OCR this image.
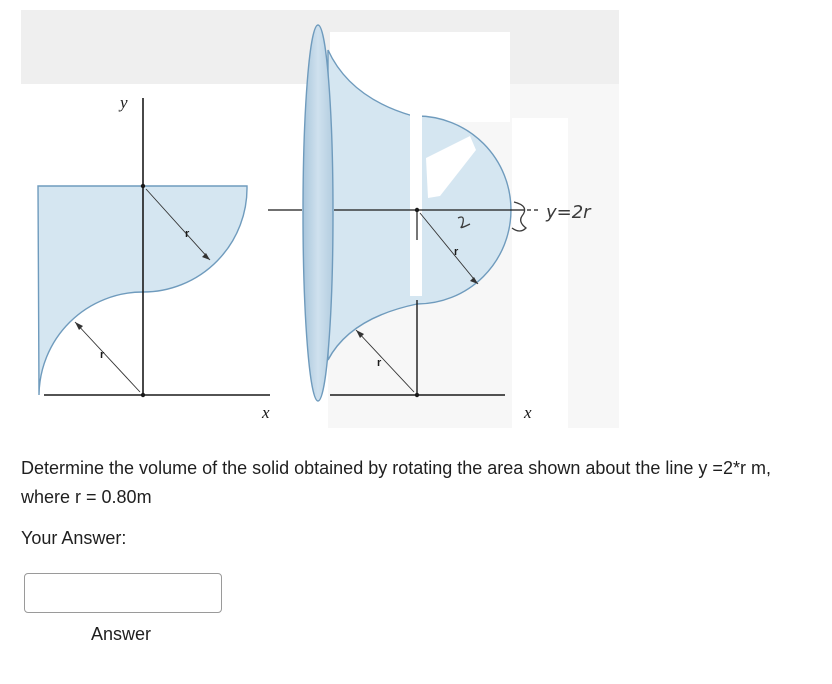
y
x
r
r
x
r
r
y=2r
Determine the volume of the solid obtained by rotating the area shown about the line y =2*r m, where r = 0.80m
Your Answer:
Answer
